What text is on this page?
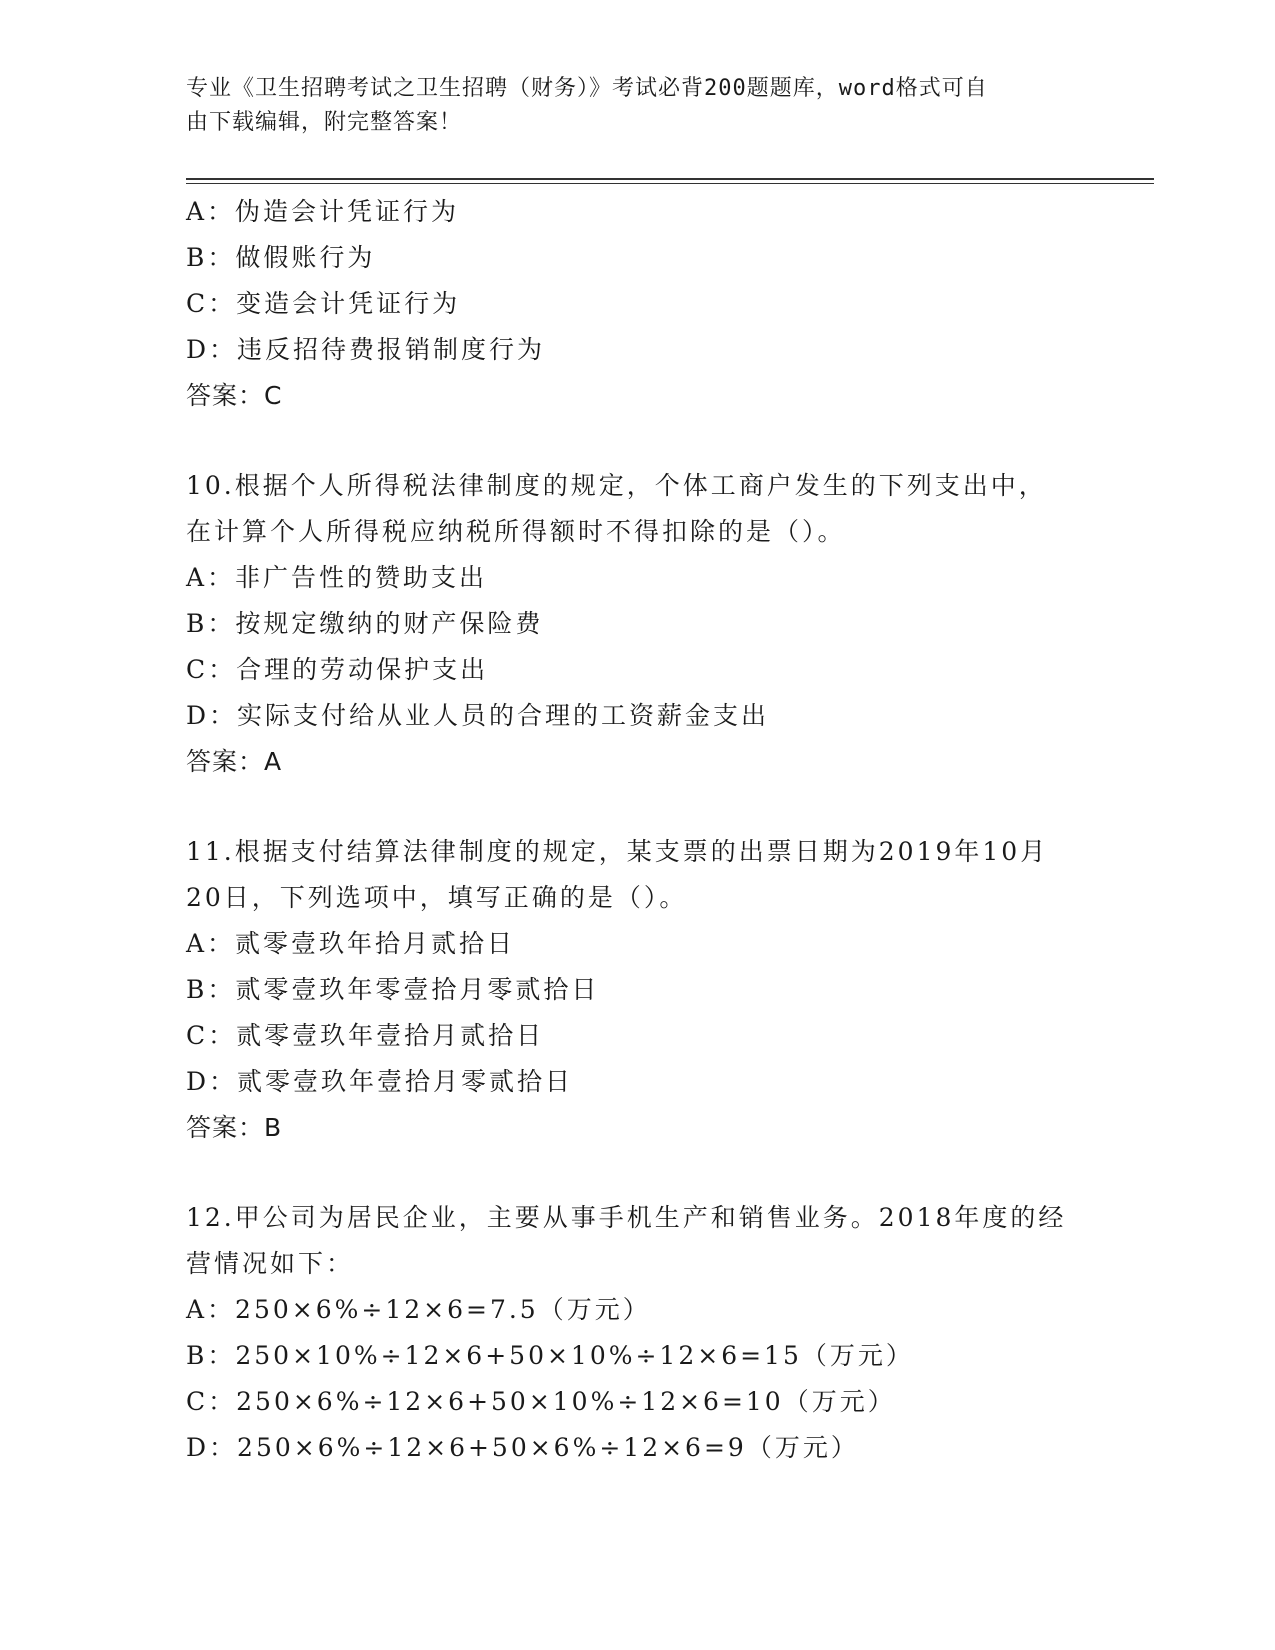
专业《卫生招聘考试之卫生招聘（财务）》考试必背200题题库，word格式可自
由下载编辑，附完整答案！
A：伪造会计凭证行为
B：做假账行为
C：变造会计凭证行为
D：违反招待费报销制度行为
答案：C
10.根据个人所得税法律制度的规定，个体工商户发生的下列支出中，
在计算个人所得税应纳税所得额时不得扣除的是（）。
A：非广告性的赞助支出
B：按规定缴纳的财产保险费
C：合理的劳动保护支出
D：实际支付给从业人员的合理的工资薪金支出
答案：A
11.根据支付结算法律制度的规定，某支票的出票日期为2019年10月
20日，下列选项中，填写正确的是（）。
A：贰零壹玖年拾月贰拾日
B：贰零壹玖年零壹拾月零贰拾日
C：贰零壹玖年壹拾月贰拾日
D：贰零壹玖年壹拾月零贰拾日
答案：B
12.甲公司为居民企业，主要从事手机生产和销售业务。2018年度的经
营情况如下：
A：250×6%÷12×6=7.5（万元）
B：250×10%÷12×6+50×10%÷12×6=15（万元）
C：250×6%÷12×6+50×10%÷12×6=10（万元）
D：250×6%÷12×6+50×6%÷12×6=9（万元）
